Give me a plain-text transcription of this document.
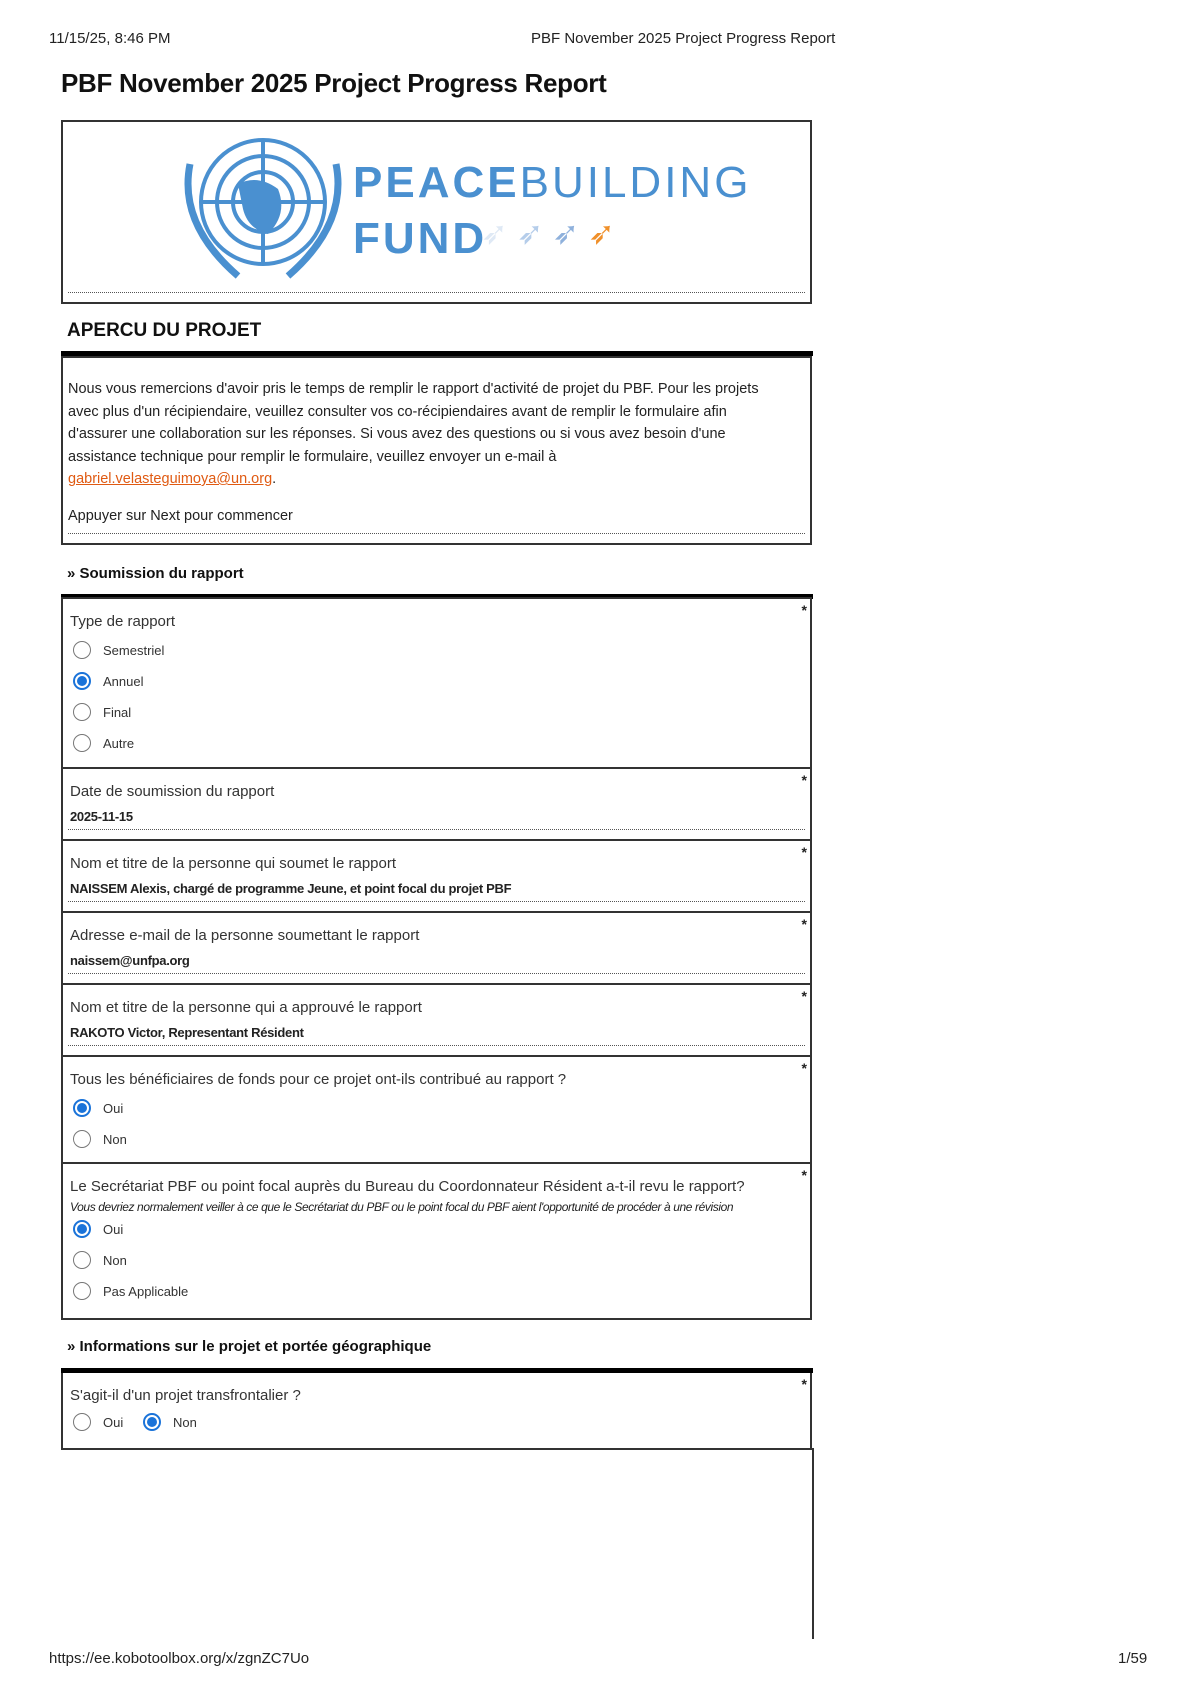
11/15/25, 8:46 PM	PBF November 2025 Project Progress Report
PBF November 2025 Project Progress Report
PEACEBUILDING
FUND
➶ ➶ ➶ ➶
APERCU DU PROJET
Nous vous remercions d'avoir pris le temps de remplir le rapport d'activité de projet du PBF. Pour les projets avec plus d'un récipiendaire, veuillez consulter vos co-récipiendaires avant de remplir le formulaire afin d'assurer une collaboration sur les réponses. Si vous avez des questions ou si vous avez besoin d'une assistance technique pour remplir le formulaire, veuillez envoyer un e-mail à gabriel.velasteguimoya@un.org.
Appuyer sur Next pour commencer
» Soumission du rapport
Type de rapport
*
Semestriel
Annuel
Final
Autre
Date de soumission du rapport
*
2025-11-15
Nom et titre de la personne qui soumet le rapport
*
NAISSEM Alexis, chargé de programme Jeune, et point focal du projet PBF
Adresse e-mail de la personne soumettant le rapport
*
naissem@unfpa.org
Nom et titre de la personne qui a approuvé le rapport
*
RAKOTO Victor, Representant Résident
Tous les bénéficiaires de fonds pour ce projet ont-ils contribué au rapport ?
*
Oui
Non
Le Secrétariat PBF ou point focal auprès du Bureau du Coordonnateur Résident a-t-il revu le rapport?
*
Vous devriez normalement veiller à ce que le Secrétariat du PBF ou le point focal du PBF aient l'opportunité de procéder à une révision
Oui
Non
Pas Applicable
S'agit-il d'un projet transfrontalier ?
*
Oui	Non
» Informations sur le projet et portée géographique
https://ee.kobotoolbox.org/x/zgnZC7Uo	1/59
